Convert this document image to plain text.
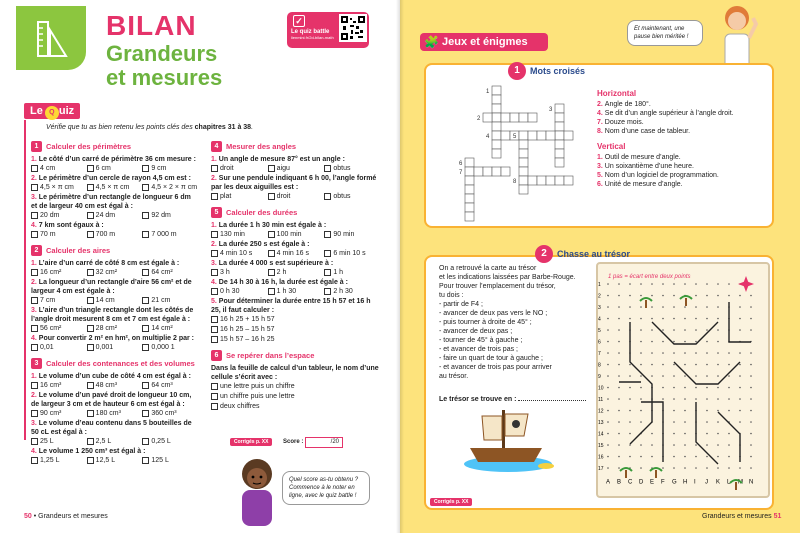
BILAN
Grandeurs
et mesures
✓
Le quiz battle
lienmini.fr/2d-bilan-math
Le Q uiz
Vérifie que tu as bien retenu les points clés des chapitres 31 à 38.
1	Calculer des périmètres
1. Le côté d’un carré de périmètre 36 cm mesure :
4 cm	6 cm	9 cm
2. Le périmètre d’un cercle de rayon 4,5 cm est :
4,5 × π cm	4,5 × π cm	4,5 × 2 × π cm
3. Le périmètre d’un rectangle de longueur 6 dm et de largeur 40 cm est égal à :
20 dm	24 dm	92 dm
4. 7 km sont égaux à :
70 m	700 m	7 000 m
2	Calculer des aires
1. L’aire d’un carré de côté 8 cm est égale à :
16 cm²	32 cm²	64 cm²
2. La longueur d’un rectangle d’aire 56 cm² et de largeur 4 cm est égale à :
7 cm	14 cm	21 cm
3. L’aire d’un triangle rectangle dont les côtés de l’angle droit mesurent 8 cm et 7 cm est égale à :
56 cm²	28 cm²	14 cm²
4. Pour convertir 2 m² en hm², on multiplie 2 par :
0,01	0,001	0,000 1
3	Calculer des contenances et des volumes
1. Le volume d’un cube de côté 4 cm est égal à :
16 cm³	48 cm³	64 cm³
2. Le volume d’un pavé droit de longueur 10 cm, de largeur 3 cm et de hauteur 6 cm est égal à :
90 cm³	180 cm³	360 cm³
3. Le volume d’eau contenu dans 5 bouteilles de 50 cL est égal à :
25 L	2,5 L	0,25 L
4. Le volume 1 250 cm³ est égal à :
1,25 L	12,5 L	125 L
4	Mesurer des angles
1. Un angle de mesure 87° est un angle :
droit	aigu	obtus
2. Sur une pendule indiquant 6 h 00, l’angle formé par les deux aiguilles est :
plat	droit	obtus
5	Calculer des durées
1. La durée 1 h 30 min est égale à :
130 min	100 min	90 min
2. La durée 250 s est égale à :
4 min 10 s	4 min 16 s	6 min 10 s
3. La durée 4 000 s est supérieure à :
3 h	2 h	1 h
4. De 14 h 30 à 16 h, la durée est égale à :
0 h 30	1 h 30	2 h 30
5. Pour déterminer la durée entre 15 h 57 et 16 h 25, il faut calculer :
16 h 25 + 15 h 57
16 h 25 – 15 h 57
15 h 57 – 16 h 25
6	Se repérer dans l’espace
Dans la feuille de calcul d’un tableur, le nom d’une cellule s’écrit avec :
une lettre puis un chiffre
un chiffre puis une lettre
deux chiffres
Corrigés p. XX	Score :	/20
Quel score as-tu obtenu ? Commence à le noter en ligne, avec le quiz battle !
50 • Grandeurs et mesures
🧩 Jeux et énigmes
Et maintenant, une pause bien méritée !
1	Mots croisés
1
2
3
4	5
6
7
8
Horizontal
2. Angle de 180°.
4. Se dit d’un angle supérieur à l’angle droit.
7. Douze mois.
8. Nom d’une case de tableur.
Vertical
1. Outil de mesure d’angle.
3. Un soixantième d’une heure.
5. Nom d’un logiciel de programmation.
6. Unité de mesure d’angle.
2	Chasse au trésor
On a retrouvé la carte au trésor
et les indications laissées par Barbe-Rouge.
Pour trouver l’emplacement du trésor,
tu dois :
- partir de F4 ;
- avancer de deux pas vers le NO ;
- puis tourner à droite de 45° ;
- avancer de deux pas ;
- tourner de 45° à gauche ;
- et avancer de trois pas ;
- faire un quart de tour à gauche ;
- et avancer de trois pas pour arriver
au trésor.
Le trésor se trouve en :
Corrigés p. XX
1 pas = écart entre deux points
1
2
3
4
5
6
7
8
9
10
11
12
13
14
15
16
17
A B C D E F G H I J K L M N
Grandeurs et mesures 51
